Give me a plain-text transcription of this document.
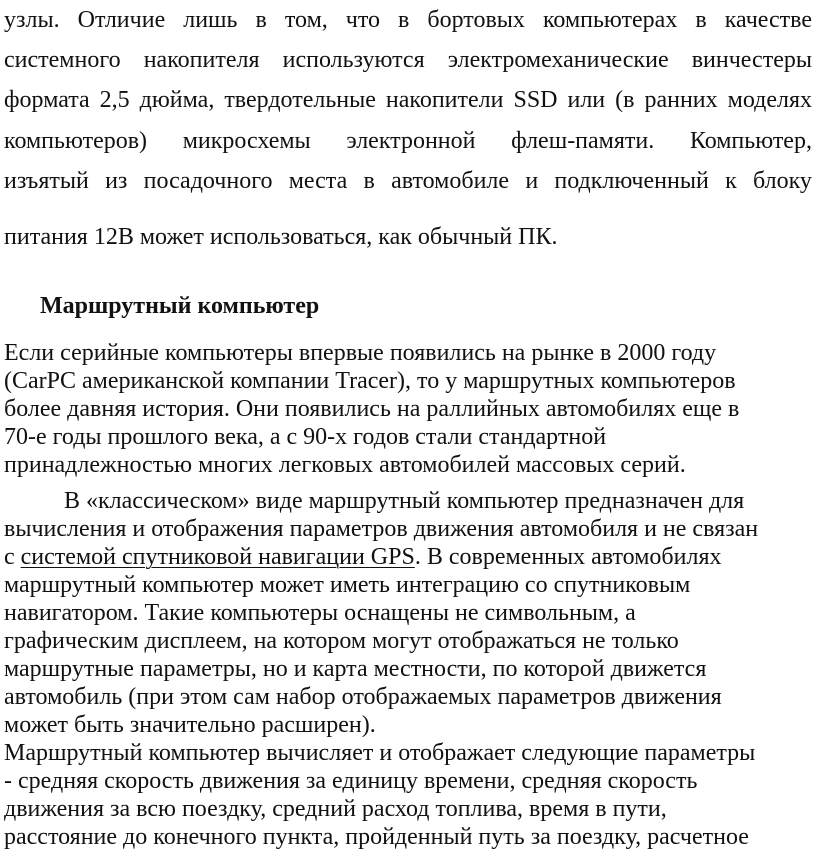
узлы. Отличие лишь в том, что в бортовых компьютерах в качестве
системного накопителя используются электромеханические винчестеры
формата 2,5 дюйма, твердотельные накопители SSD или (в ранних моделях
компьютеров) микросхемы электронной флеш-памяти. Компьютер,
изъятый из посадочного места в автомобиле и подключенный к блоку
питания 12В может использоваться, как обычный ПК.
Маршрутный компьютер
Если серийные компьютеры впервые появились на рынке в 2000 году
(CarPC американской компании Tracer), то у маршрутных компьютеров
более давняя история. Они появились на раллийных автомобилях еще в
70-е годы прошлого века, а с 90-х годов стали стандартной
принадлежностью многих легковых автомобилей массовых серий.
В «классическом» виде маршрутный компьютер предназначен для
вычисления и отображения параметров движения автомобиля и не связан
с системой спутниковой навигации GPS. В современных автомобилях
маршрутный компьютер может иметь интеграцию со спутниковым
навигатором. Такие компьютеры оснащены не символьным, а
графическим дисплеем, на котором могут отображаться не только
маршрутные параметры, но и карта местности, по которой движется
автомобиль (при этом сам набор отображаемых параметров движения
может быть значительно расширен).
Маршрутный компьютер вычисляет и отображает следующие параметры
- средняя скорость движения за единицу времени, средняя скорость
движения за всю поездку, средний расход топлива, время в пути,
расстояние до конечного пункта, пройденный путь за поездку, расчетное
